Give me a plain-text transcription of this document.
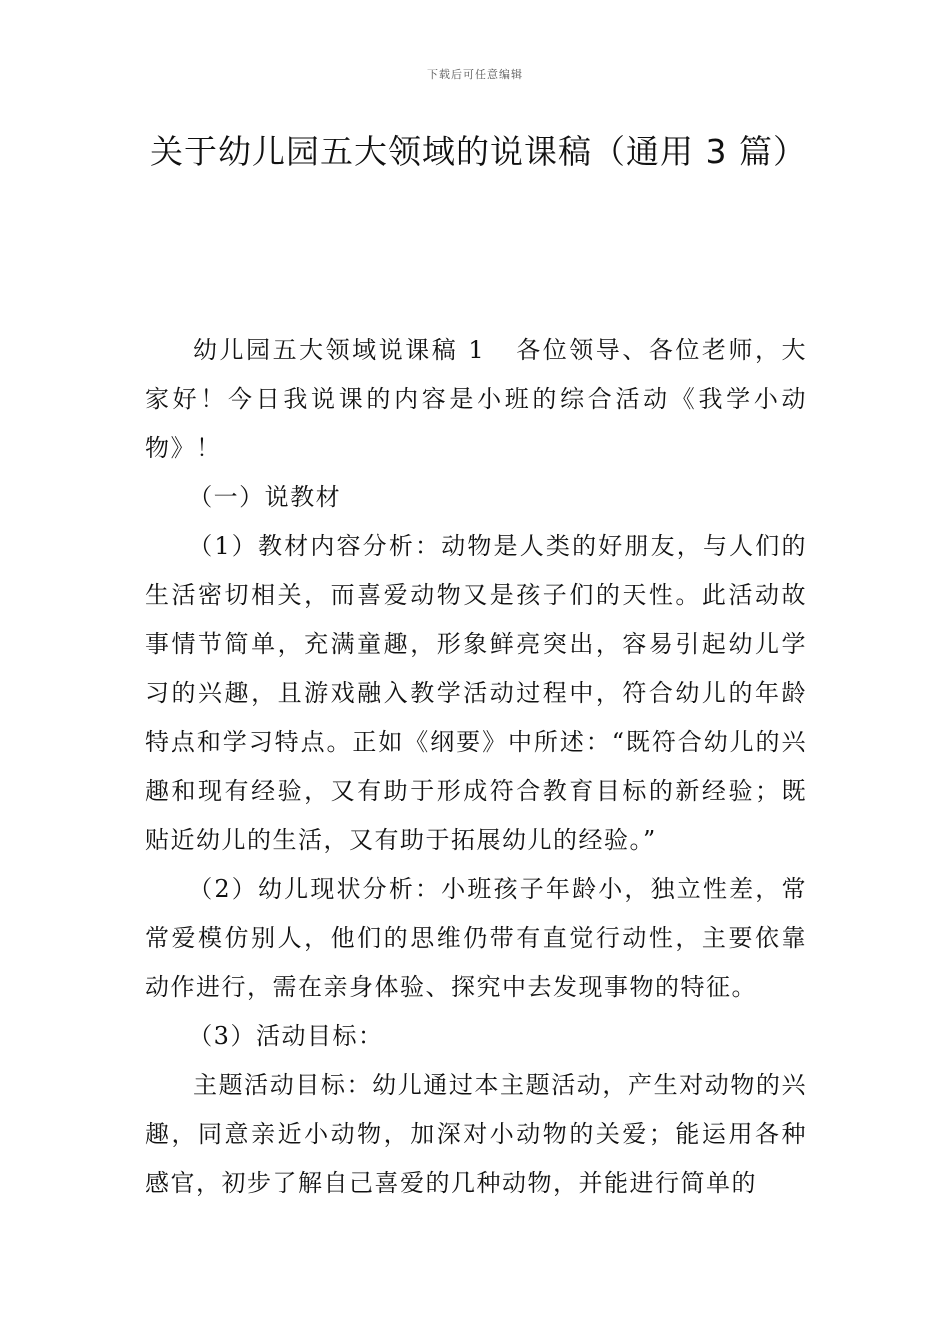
下载后可任意编辑
关于幼儿园五大领域的说课稿（通用 3 篇）

幼儿园五大领域说课稿 1 各位领导、各位老师，大家好！今日我说课的内容是小班的综合活动《我学小动物》！

（一）说教材

（1）教材内容分析：动物是人类的好朋友，与人们的生活密切相关，而喜爱动物又是孩子们的天性。此活动故事情节简单，充满童趣，形象鲜亮突出，容易引起幼儿学习的兴趣，且游戏融入教学活动过程中，符合幼儿的年龄特点和学习特点。正如《纲要》中所述：“既符合幼儿的兴趣和现有经验，又有助于形成符合教育目标的新经验；既贴近幼儿的生活，又有助于拓展幼儿的经验。”

（2）幼儿现状分析：小班孩子年龄小，独立性差，常常爱模仿别人，他们的思维仍带有直觉行动性，主要依靠动作进行，需在亲身体验、探究中去发现事物的特征。

（3）活动目标：

主题活动目标：幼儿通过本主题活动，产生对动物的兴趣，同意亲近小动物，加深对小动物的关爱；能运用各种感官，初步了解自己喜爱的几种动物，并能进行简单的
